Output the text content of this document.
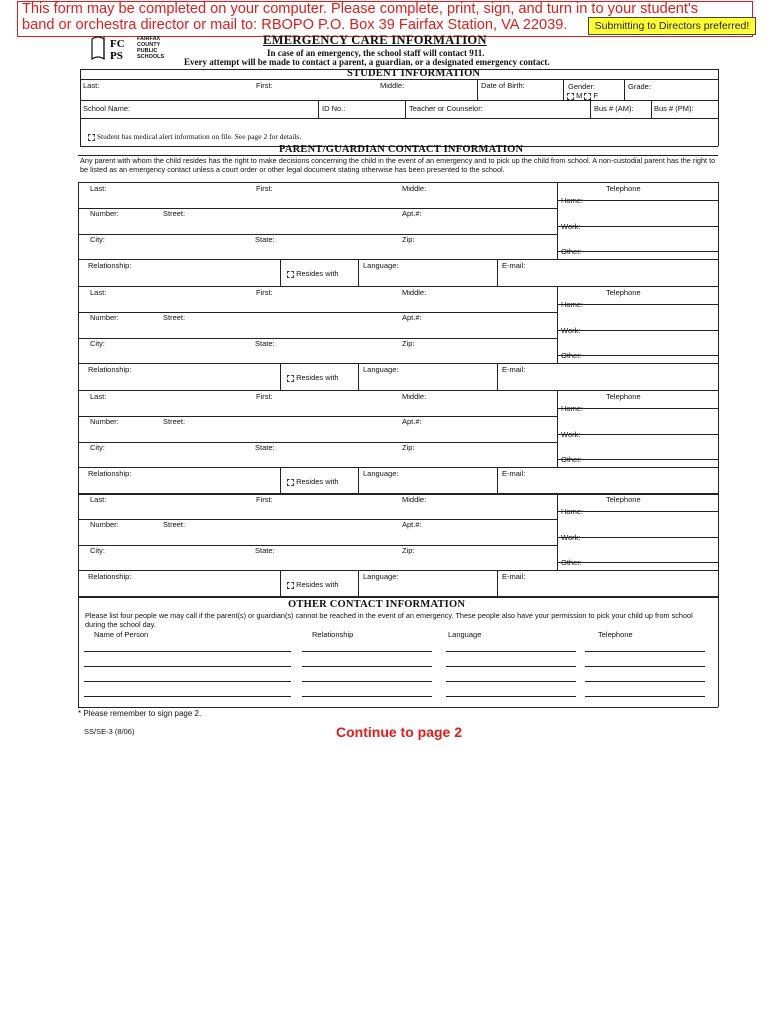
This form may be completed on your computer. Please complete, print, sign, and turn in to your student's
band or orchestra director or mail to: RBOPO P.O. Box 39 Fairfax Station, VA 22039.	Submitting to Directors preferred!
FC
PS
FAIRFAX
COUNTY
PUBLIC
SCHOOLS
EMERGENCY CARE INFORMATION
In case of an emergency, the school staff will contact 911.
Every attempt will be made to contact a parent, a guardian, or a designated emergency contact.
STUDENT INFORMATION
Last:	First:	Middle:	Date of Birth:	Gender:
M F
Grade:
School Name:	ID No.:	Teacher or Counselor:	Bus # (AM):	Bus # (PM):
Student has medical alert information on file. See page 2 for details.
PARENT/GUARDIAN CONTACT INFORMATION
Any parent with whom the child resides has the right to make decisions concerning the child in the event of an emergency and to pick up the child from school. A non-custodial parent has the right to be listed as an emergency contact unless a court order or other legal document stating otherwise has been presented to the school.
Last:	First:	Middle:	Telephone
Home:
Number:	Street:	Apt.#:
Work:
City:	State:	Zip:
Other:
Relationship:
Resides with
Language:	E-mail:
Last:	First:	Middle:	Telephone
Home:
Number:	Street:	Apt.#:
Work:
City:	State:	Zip:
Other:
Relationship:
Resides with
Language:	E-mail:
Last:	First:	Middle:	Telephone
Home:
Number:	Street:	Apt.#:
Work:
City:	State:	Zip:
Other:
Relationship:
Resides with
Language:	E-mail:
Last:	First:	Middle:	Telephone
Home:
Number:	Street:	Apt.#:
Work:
City:	State:	Zip:
Other:
Relationship:
Resides with
Language:	E-mail:
OTHER CONTACT INFORMATION
Please list four people we may call if the parent(s) or guardian(s) cannot be reached in the event of an emergency. These people also have your permission to pick your child up from school during the school day.
Name of Person	Relationship	Language	Telephone
* Please remember to sign page 2.
SS/SE-3 (8/06)	Continue to page 2
